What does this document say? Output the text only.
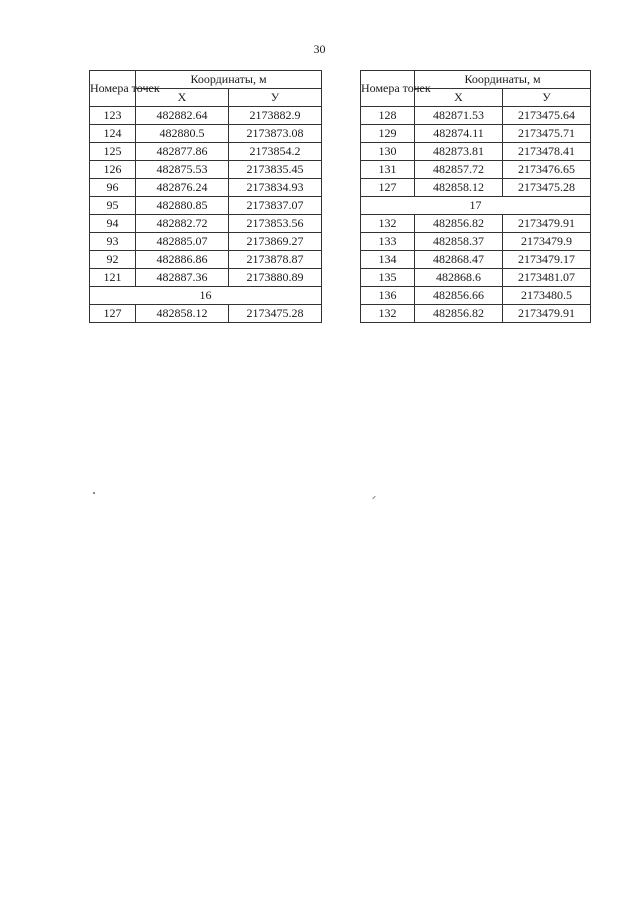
30
Номера точек	Координаты, м	
	X	У
123	482882.64	2173882.9
124	482880.5	2173873.08
125	482877.86	2173854.2
126	482875.53	2173835.45
96	482876.24	2173834.93
95	482880.85	2173837.07
94	482882.72	2173853.56
93	482885.07	2173869.27
92	482886.86	2173878.87
121	482887.36	2173880.89
16		
127	482858.12	2173475.28
Номера точек	Координаты, м	
	X	У
128	482871.53	2173475.64
129	482874.11	2173475.71
130	482873.81	2173478.41
131	482857.72	2173476.65
127	482858.12	2173475.28
17		
132	482856.82	2173479.91
133	482858.37	2173479.9
134	482868.47	2173479.17
135	482868.6	2173481.07
136	482856.66	2173480.5
132	482856.82	2173479.91
